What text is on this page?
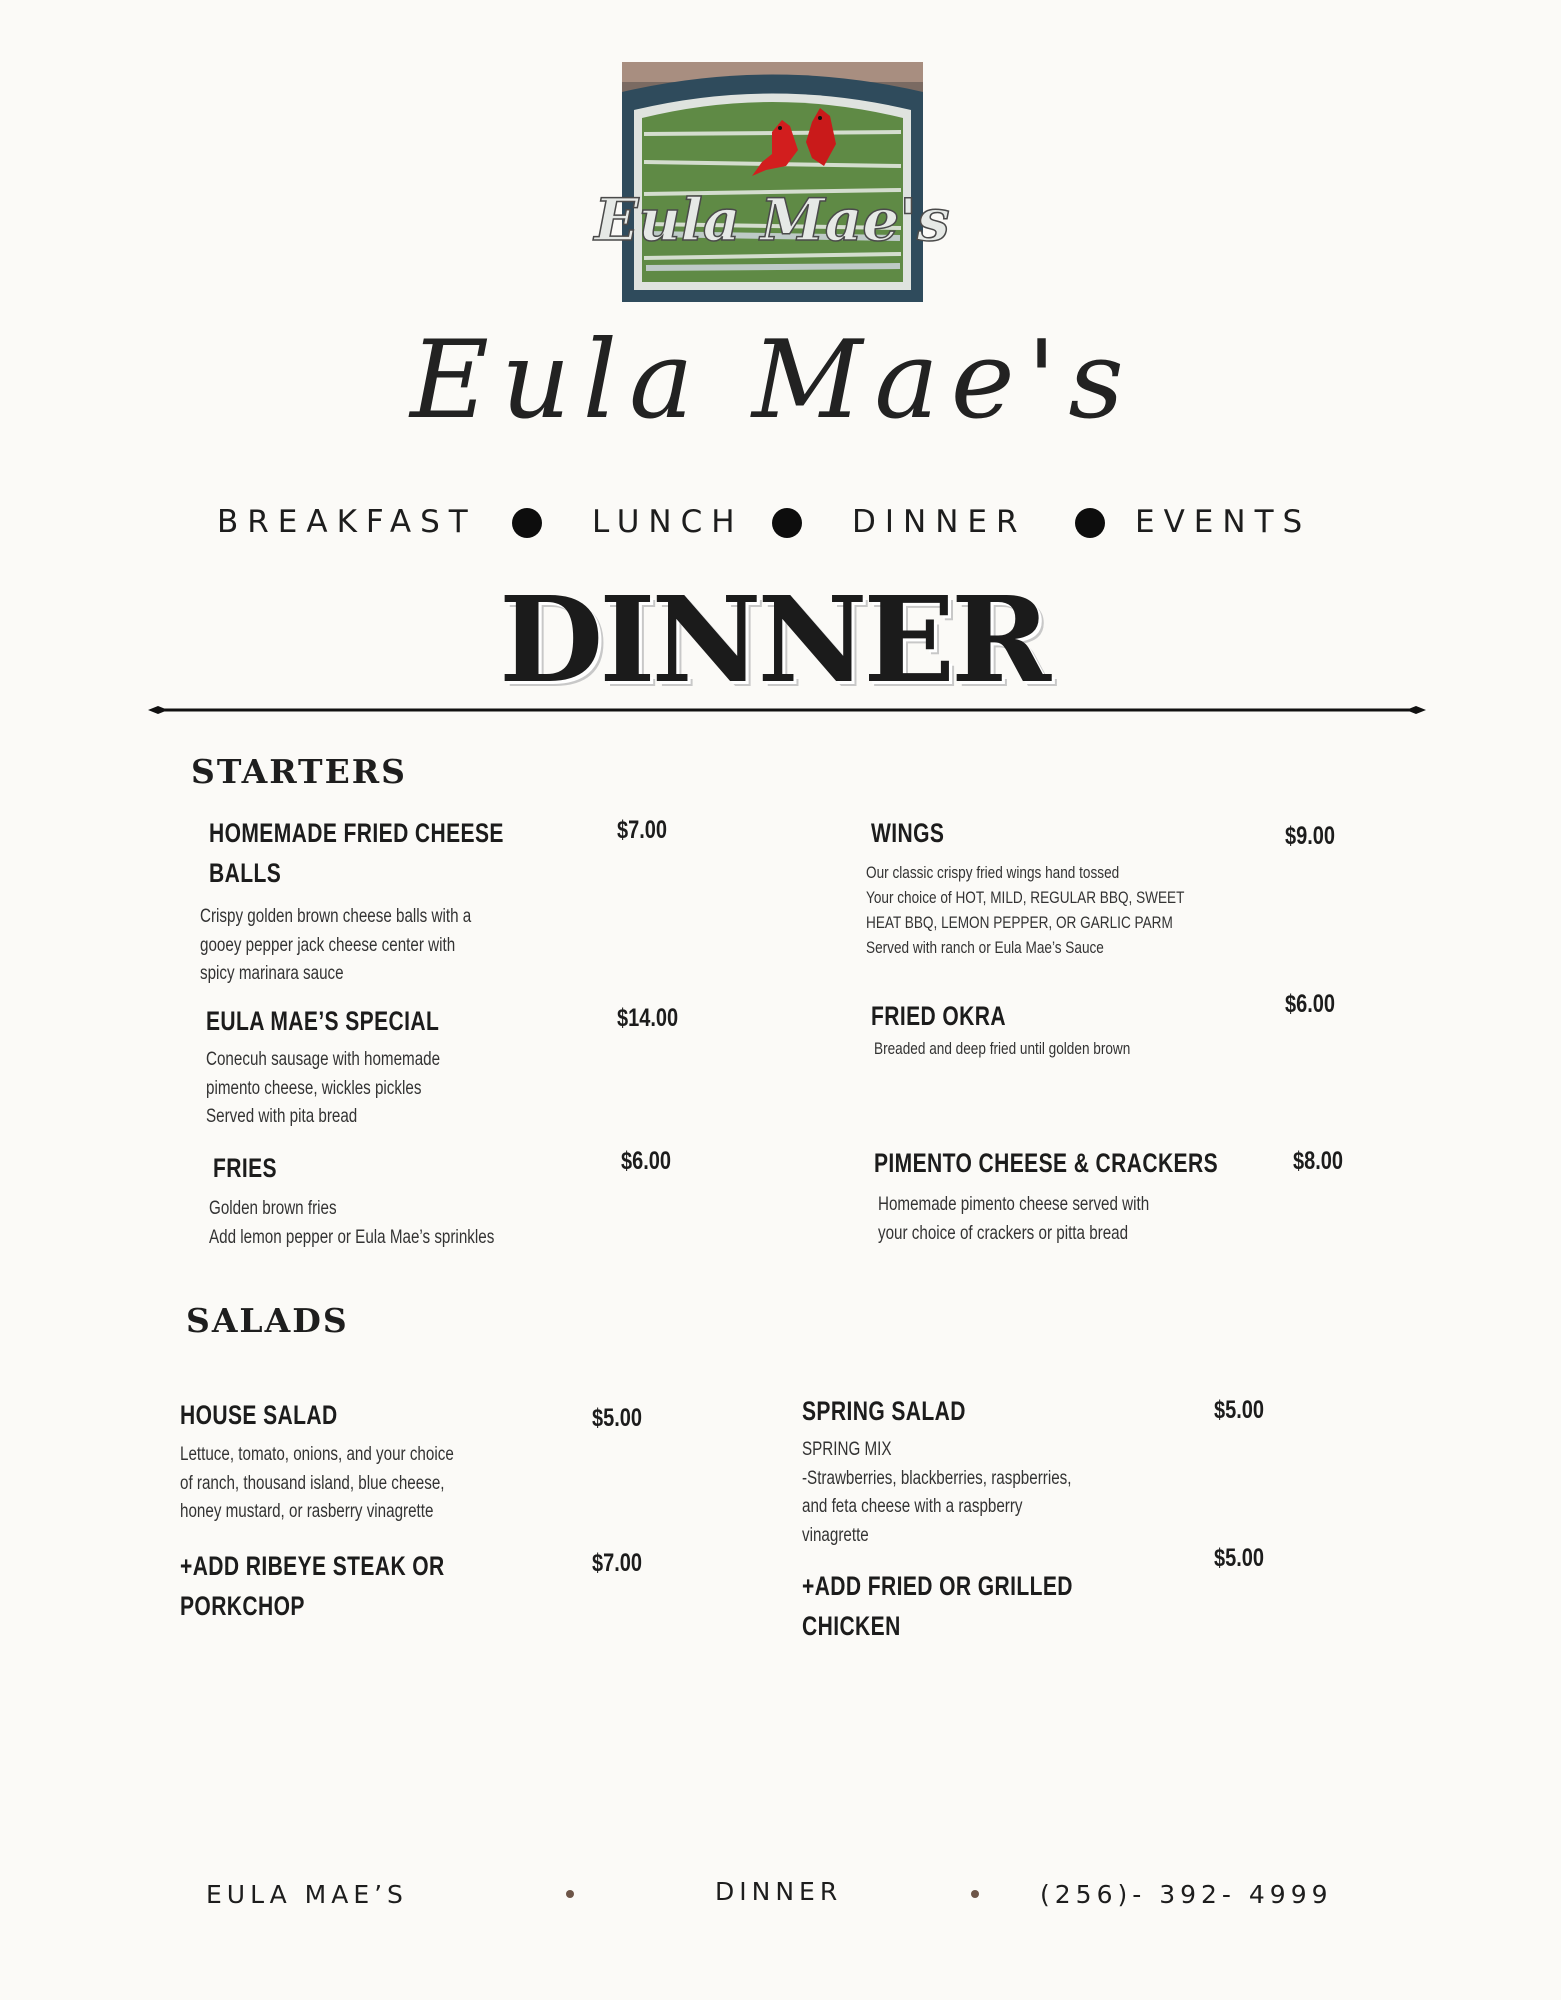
Eula Mae's
Eula Mae's
BREAKFAST	LUNCH	DINNER	EVENTS
DINNER
STARTERS
HOMEMADE FRIED CHEESE
BALLS
$7.00
Crispy golden brown cheese balls with a
gooey pepper jack cheese center with
spicy marinara sauce
EULA MAE’S SPECIAL	$14.00
Conecuh sausage with homemade
pimento cheese, wickles pickles
Served with pita bread
FRIES	$6.00
Golden brown fries
Add lemon pepper or Eula Mae’s sprinkles
WINGS	$9.00
Our classic crispy fried wings hand tossed
Your choice of HOT, MILD, REGULAR BBQ, SWEET
HEAT BBQ, LEMON PEPPER, OR GARLIC PARM
Served with ranch or Eula Mae’s Sauce
FRIED OKRA	$6.00
Breaded and deep fried until golden brown
PIMENTO CHEESE & CRACKERS	$8.00
Homemade pimento cheese served with
your choice of crackers or pitta bread
SALADS
HOUSE SALAD	$5.00
Lettuce, tomato, onions, and your choice
of ranch, thousand island, blue cheese,
honey mustard, or rasberry vinagrette
+ADD RIBEYE STEAK OR
PORKCHOP
$7.00
SPRING SALAD	$5.00
SPRING MIX
-Strawberries, blackberries, raspberries,
and feta cheese with a raspberry
vinagrette
+ADD FRIED OR GRILLED
CHICKEN
$5.00
EULA MAE’S	DINNER	(256)- 392- 4999
